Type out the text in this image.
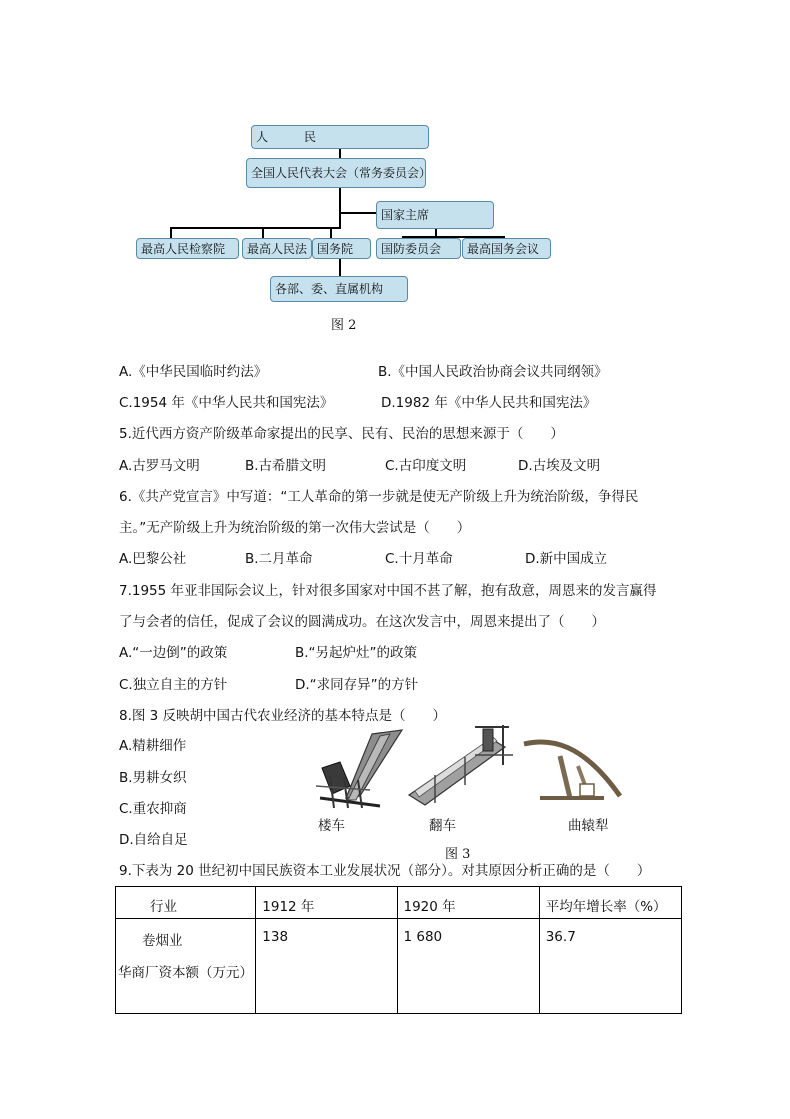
人　　　民
全国人民代表大会（常务委员会）
国家主席
最高人民检察院 最高人民法 国务院 国防委员会 最高国务会议
各部、委、直属机构
图 2
A.《中华民国临时约法》	B.《中国人民政治协商会议共同纲领》
C.1954 年《中华人民共和国宪法》	D.1982 年《中华人民共和国宪法》
5.近代西方资产阶级革命家提出的民享、民有、民治的思想来源于（　　）
A.古罗马文明	B.古希腊文明	C.古印度文明	D.古埃及文明
6.《共产党宣言》中写道：“工人革命的第一步就是使无产阶级上升为统治阶级，争得民
主。”无产阶级上升为统治阶级的第一次伟大尝试是（　　）
A.巴黎公社	B.二月革命	C.十月革命	D.新中国成立
7.1955 年亚非国际会议上，针对很多国家对中国不甚了解，抱有敌意，周恩来的发言赢得
了与会者的信任，促成了会议的圆满成功。在这次发言中，周恩来提出了（　　）
A.“一边倒”的政策	B.“另起炉灶”的政策
C.独立自主的方针	D.“求同存异”的方针
8.图 3 反映胡中国古代农业经济的基本特点是（　　）
A.精耕细作
B.男耕女织
C.重农抑商
D.自给自足
楼车	翻车	曲辕犁
图 3
9.下表为 20 世纪初中国民族资本工业发展状况（部分）。对其原因分析正确的是（　　）
行业	1912 年	1920 年	平均年增长率（%）

卷烟业
华商厂资本额（万元）	138	1 680	36.7
